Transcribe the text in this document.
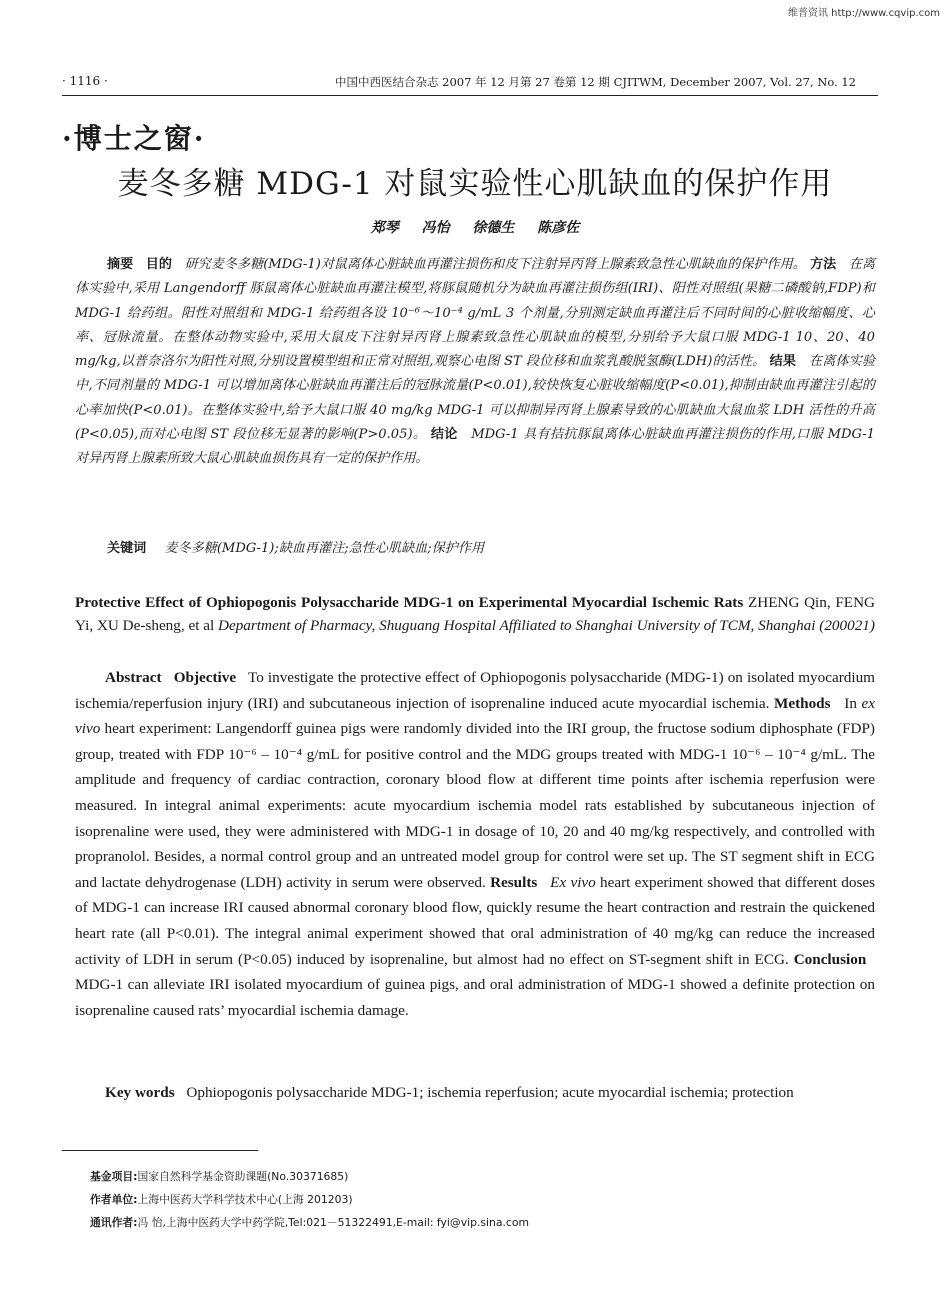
维普资讯 http://www.cqvip.com
· 1116 ·	中国中西医结合杂志 2007 年 12 月第 27 卷第 12 期 CJITWM, December 2007, Vol. 27, No. 12
·博士之窗·
麦冬多糖 MDG-1 对鼠实验性心肌缺血的保护作用
郑琴 冯怡 徐德生 陈彦佐

摘要 目的 研究麦冬多糖(MDG-1)对鼠离体心脏缺血再灌注损伤和皮下注射异丙肾上腺素致急性心肌缺血的保护作用。 方法 在离体实验中,采用 Langendorff 豚鼠离体心脏缺血再灌注模型,将豚鼠随机分为缺血再灌注损伤组(IRI)、阳性对照组(果糖二磷酸钠,FDP)和 MDG-1 给药组。阳性对照组和 MDG-1 给药组各设 10⁻⁶～10⁻⁴ g/mL 3 个剂量,分别测定缺血再灌注后不同时间的心脏收缩幅度、心率、冠脉流量。在整体动物实验中,采用大鼠皮下注射异丙肾上腺素致急性心肌缺血的模型,分别给予大鼠口服 MDG-1 10、20、40 mg/kg,以普奈洛尔为阳性对照,分别设置模型组和正常对照组,观察心电图 ST 段位移和血浆乳酸脱氢酶(LDH)的活性。 结果 在离体实验中,不同剂量的 MDG-1 可以增加离体心脏缺血再灌注后的冠脉流量(P<0.01),较快恢复心脏收缩幅度(P<0.01),抑制由缺血再灌注引起的心率加快(P<0.01)。在整体实验中,给予大鼠口服 40 mg/kg MDG-1 可以抑制异丙肾上腺素导致的心肌缺血大鼠血浆 LDH 活性的升高(P<0.05),而对心电图 ST 段位移无显著的影响(P>0.05)。 结论 MDG-1 具有拮抗豚鼠离体心脏缺血再灌注损伤的作用,口服 MDG-1 对异丙肾上腺素所致大鼠心肌缺血损伤具有一定的保护作用。

关键词 麦冬多糖(MDG-1);缺血再灌注;急性心肌缺血;保护作用
Protective Effect of Ophiopogonis Polysaccharide MDG-1 on Experimental Myocardial Ischemic Rats ZHENG Qin, FENG Yi, XU De-sheng, et al Department of Pharmacy, Shuguang Hospital Affiliated to Shanghai University of TCM, Shanghai (200021)

Abstract Objective To investigate the protective effect of Ophiopogonis polysaccharide (MDG-1) on isolated myocardium ischemia/reperfusion injury (IRI) and subcutaneous injection of isoprenaline induced acute myocardial ischemia. Methods In ex vivo heart experiment: Langendorff guinea pigs were randomly divided into the IRI group, the fructose sodium diphosphate (FDP) group, treated with FDP 10⁻⁶ – 10⁻⁴ g/mL for positive control and the MDG groups treated with MDG-1 10⁻⁶ – 10⁻⁴ g/mL. The amplitude and frequency of cardiac contraction, coronary blood flow at different time points after ischemia reperfusion were measured. In integral animal experiments: acute myocardium ischemia model rats established by subcutaneous injection of isoprenaline were used, they were administered with MDG-1 in dosage of 10, 20 and 40 mg/kg respectively, and controlled with propranolol. Besides, a normal control group and an untreated model group for control were set up. The ST segment shift in ECG and lactate dehydrogenase (LDH) activity in serum were observed. Results Ex vivo heart experiment showed that different doses of MDG-1 can increase IRI caused abnormal coronary blood flow, quickly resume the heart contraction and restrain the quickened heart rate (all P<0.01). The integral animal experiment showed that oral administration of 40 mg/kg can reduce the increased activity of LDH in serum (P<0.05) induced by isoprenaline, but almost had no effect on ST-segment shift in ECG. Conclusion   MDG-1 can alleviate IRI isolated myocardium of guinea pigs, and oral administration of MDG-1 showed a definite protection on isoprenaline caused rats’ myocardial ischemia damage.

Key words Ophiopogonis polysaccharide MDG-1; ischemia reperfusion; acute myocardial ischemia; protection
基金项目:国家自然科学基金资助课题(No.30371685)
作者单位:上海中医药大学科学技术中心(上海 201203)
通讯作者:冯 怡,上海中医药大学中药学院,Tel:021－51322491,E-mail: fyi@vip.sina.com
